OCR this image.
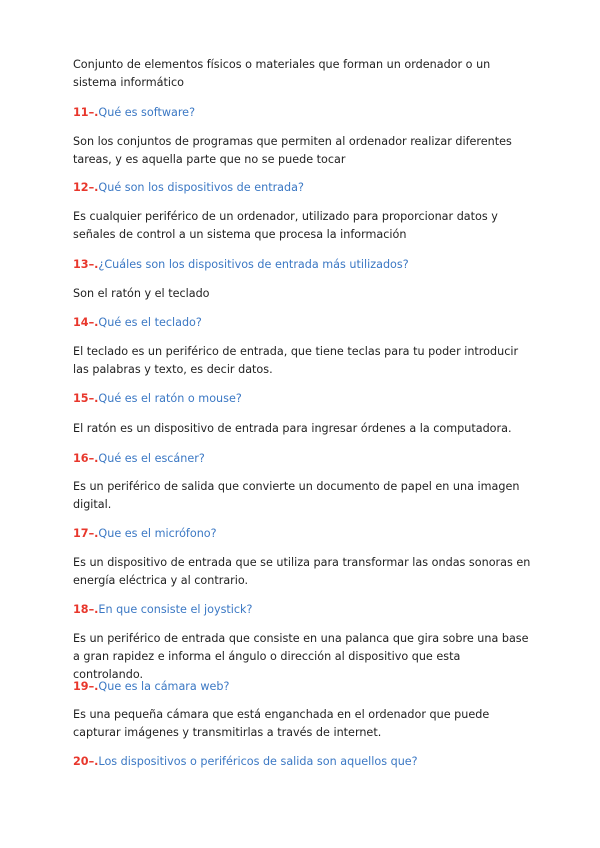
Conjunto de elementos físicos o materiales que forman un ordenador o un sistema informático
11–.Qué es software?
Son los conjuntos de programas que permiten al ordenador realizar diferentes tareas, y es aquella parte que no se puede tocar
12–.Qué son los dispositivos de entrada?
Es cualquier periférico de un ordenador, utilizado para proporcionar datos y señales de control a un sistema que procesa la información
13–.¿Cuáles son los dispositivos de entrada más utilizados?
Son el ratón y el teclado
14–.Qué es el teclado?
El teclado es un periférico de entrada, que tiene teclas para tu poder introducir las palabras y texto, es decir datos.
15–.Qué es el ratón o mouse?
El ratón es un dispositivo de entrada para ingresar órdenes a la computadora.
16–.Qué es el escáner?
Es un periférico de salida que convierte un documento de papel en una imagen digital.
17–.Que es el micrófono?
Es un dispositivo de entrada que se utiliza para transformar las ondas sonoras en energía eléctrica y al contrario.
18–.En que consiste el joystick?
Es un periférico de entrada que consiste en una palanca que gira sobre una base a gran rapidez e informa el ángulo o dirección al dispositivo que esta controlando.
19–.Que es la cámara web?
Es una pequeña cámara que está enganchada en el ordenador que puede capturar imágenes y transmitirlas a través de internet.
20–.Los dispositivos o periféricos de salida son aquellos que?
